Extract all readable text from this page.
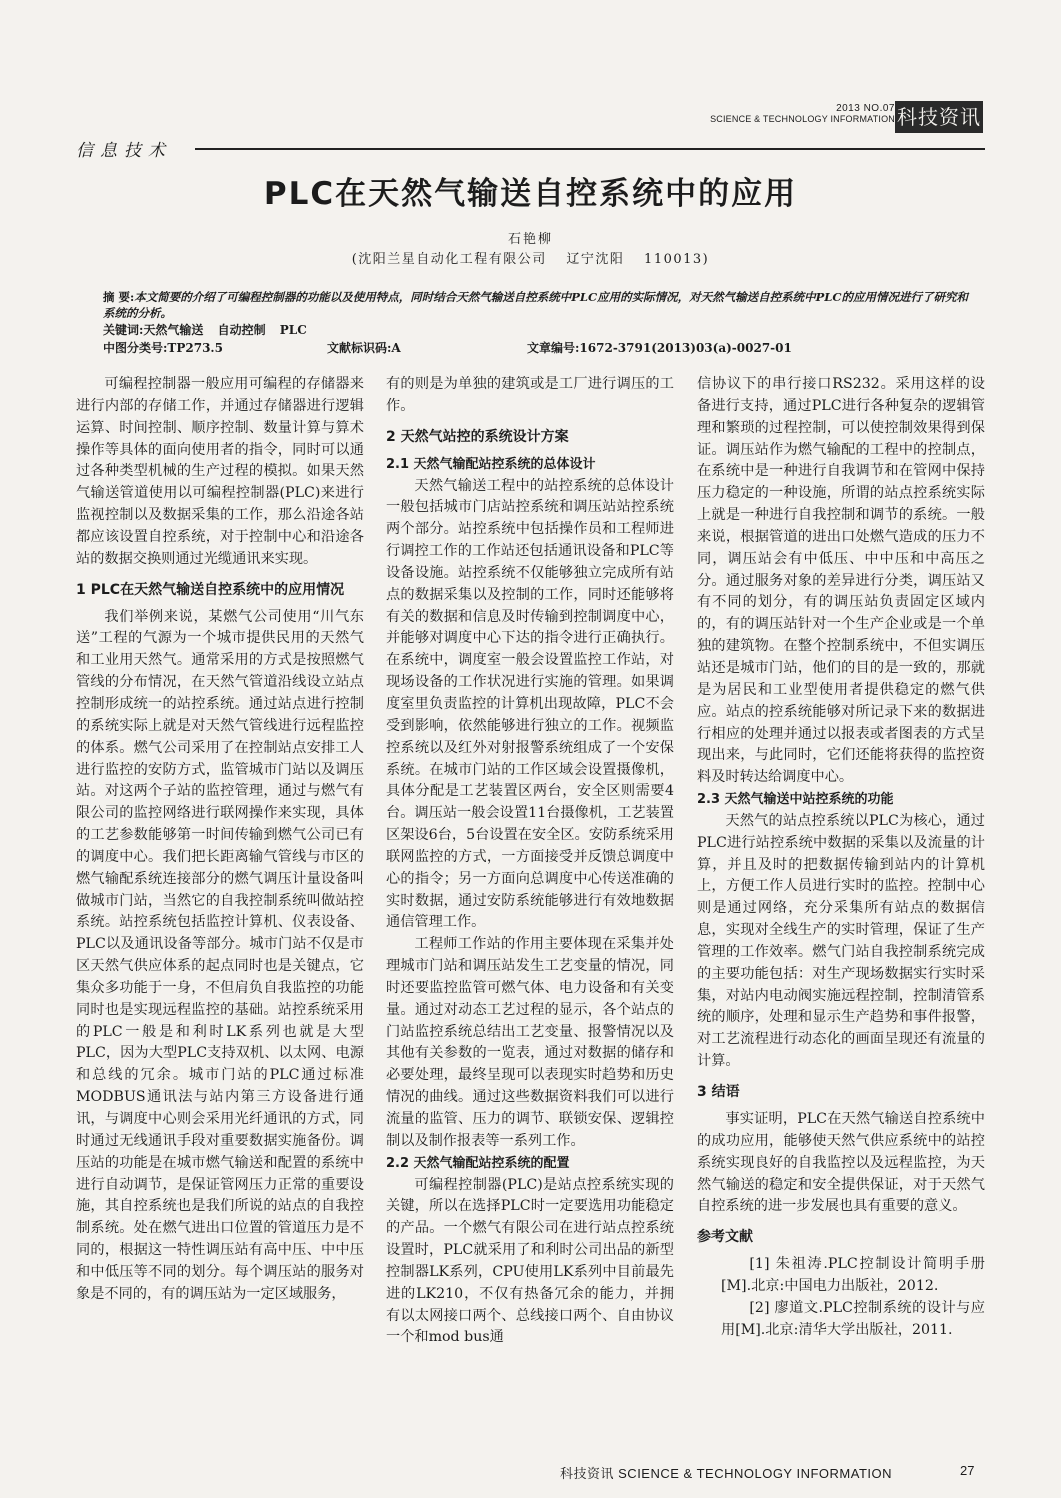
2013 NO.07
SCIENCE & TECHNOLOGY INFORMATION 科技资讯
信息技术
PLC在天然气输送自控系统中的应用
石艳柳
(沈阳兰星自动化工程有限公司 辽宁沈阳 110013)
摘 要:本文简要的介绍了可编程控制器的功能以及使用特点，同时结合天然气输送自控系统中PLC应用的实际情况，对天然气输送自控系统中PLC的应用情况进行了研究和系统的分析。
关键词:天然气输送 自动控制 PLC
中图分类号:TP273.5	文献标识码:A	文章编号:1672-3791(2013)03(a)-0027-01

可编程控制器一般应用可编程的存储器来进行内部的存储工作，并通过存储器进行逻辑运算、时间控制、顺序控制、数量计算与算术操作等具体的面向使用者的指令，同时可以通过各种类型机械的生产过程的模拟。如果天然气输送管道使用以可编程控制器(PLC)来进行监视控制以及数据采集的工作，那么沿途各站都应该设置自控系统，对于控制中心和沿途各站的数据交换则通过光缆通讯来实现。

1 PLC在天然气输送自控系统中的应用情况

我们举例来说，某燃气公司使用“川气东送”工程的气源为一个城市提供民用的天然气和工业用天然气。通常采用的方式是按照燃气管线的分布情况，在天然气管道沿线设立站点控制形成统一的站控系统。通过站点进行控制的系统实际上就是对天然气管线进行远程监控的体系。燃气公司采用了在控制站点安排工人进行监控的安防方式，监管城市门站以及调压站。对这两个子站的监控管理，通过与燃气有限公司的监控网络进行联网操作来实现，具体的工艺参数能够第一时间传输到燃气公司已有的调度中心。我们把长距离输气管线与市区的燃气输配系统连接部分的燃气调压计量设备叫做城市门站，当然它的自我控制系统叫做站控系统。站控系统包括监控计算机、仪表设备、PLC以及通讯设备等部分。城市门站不仅是市区天然气供应体系的起点同时也是关键点，它集众多功能于一身，不但肩负自我监控的功能同时也是实现远程监控的基础。站控系统采用的PLC一般是和利时LK系列也就是大型PLC，因为大型PLC支持双机、以太网、电源和总线的冗余。城市门站的PLC通过标准MODBUS通讯法与站内第三方设备进行通讯，与调度中心则会采用光纤通讯的方式，同时通过无线通讯手段对重要数据实施备份。调压站的功能是在城市燃气输送和配置的系统中进行自动调节，是保证管网压力正常的重要设施，其自控系统也是我们所说的站点的自我控制系统。处在燃气进出口位置的管道压力是不同的，根据这一特性调压站有高中压、中中压和中低压等不同的划分。每个调压站的服务对象是不同的，有的调压站为一定区域服务，

有的则是为单独的建筑或是工厂进行调压的工作。

2 天然气站控的系统设计方案
2.1 天然气输配站控系统的总体设计

天然气输送工程中的站控系统的总体设计一般包括城市门店站控系统和调压站站控系统两个部分。站控系统中包括操作员和工程师进行调控工作的工作站还包括通讯设备和PLC等设备设施。站控系统不仅能够独立完成所有站点的数据采集以及控制的工作，同时还能够将有关的数据和信息及时传输到控制调度中心，并能够对调度中心下达的指令进行正确执行。在系统中，调度室一般会设置监控工作站，对现场设备的工作状况进行实施的管理。如果调度室里负责监控的计算机出现故障，PLC不会受到影响，依然能够进行独立的工作。视频监控系统以及红外对射报警系统组成了一个安保系统。在城市门站的工作区域会设置摄像机，具体分配是工艺装置区两台，安全区则需要4台。调压站一般会设置11台摄像机，工艺装置区架设6台，5台设置在安全区。安防系统采用联网监控的方式，一方面接受并反馈总调度中心的指令；另一方面向总调度中心传送准确的实时数据，通过安防系统能够进行有效地数据通信管理工作。

工程师工作站的作用主要体现在采集并处理城市门站和调压站发生工艺变量的情况，同时还要监控监管可燃气体、电力设备和有关变量。通过对动态工艺过程的显示，各个站点的门站监控系统总结出工艺变量、报警情况以及其他有关参数的一览表，通过对数据的储存和必要处理，最终呈现可以表现实时趋势和历史情况的曲线。通过这些数据资料我们可以进行流量的监管、压力的调节、联锁安保、逻辑控制以及制作报表等一系列工作。

2.2 天然气输配站控系统的配置

可编程控制器(PLC)是站点控系统实现的关键，所以在选择PLC时一定要选用功能稳定的产品。一个燃气有限公司在进行站点控系统设置时，PLC就采用了和利时公司出品的新型控制器LK系列，CPU使用LK系列中目前最先进的LK210，不仅有热备冗余的能力，并拥有以太网接口两个、总线接口两个、自由协议一个和mod bus通

信协议下的串行接口RS232。采用这样的设备进行支持，通过PLC进行各种复杂的逻辑管理和繁琐的过程控制，可以使控制效果得到保证。调压站作为燃气输配的工程中的控制点，在系统中是一种进行自我调节和在管网中保持压力稳定的一种设施，所谓的站点控系统实际上就是一种进行自我控制和调节的系统。一般来说，根据管道的进出口处燃气造成的压力不同，调压站会有中低压、中中压和中高压之分。通过服务对象的差异进行分类，调压站又有不同的划分，有的调压站负责固定区域内的，有的调压站针对一个生产企业或是一个单独的建筑物。在整个控制系统中，不但实调压站还是城市门站，他们的目的是一致的，那就是为居民和工业型使用者提供稳定的燃气供应。站点的控系统能够对所记录下来的数据进行相应的处理并通过以报表或者图表的方式呈现出来，与此同时，它们还能将获得的监控资料及时转达给调度中心。

2.3 天然气输送中站控系统的功能

天然气的站点控系统以PLC为核心，通过PLC进行站控系统中数据的采集以及流量的计算，并且及时的把数据传输到站内的计算机上，方便工作人员进行实时的监控。控制中心则是通过网络，充分采集所有站点的数据信息，实现对全线生产的实时管理，保证了生产管理的工作效率。燃气门站自我控制系统完成的主要功能包括：对生产现场数据实行实时采集，对站内电动阀实施远程控制，控制清管系统的顺序，处理和显示生产趋势和事件报警，对工艺流程进行动态化的画面呈现还有流量的计算。

3 结语

事实证明，PLC在天然气输送自控系统中的成功应用，能够使天然气供应系统中的站控系统实现良好的自我监控以及远程监控，为天然气输送的稳定和安全提供保证，对于天然气自控系统的进一步发展也具有重要的意义。

参考文献

[1] 朱祖涛.PLC控制设计简明手册[M].北京:中国电力出版社，2012.

[2] 廖道文.PLC控制系统的设计与应用[M].北京:清华大学出版社，2011.

科技资讯 SCIENCE & TECHNOLOGY INFORMATION	27
